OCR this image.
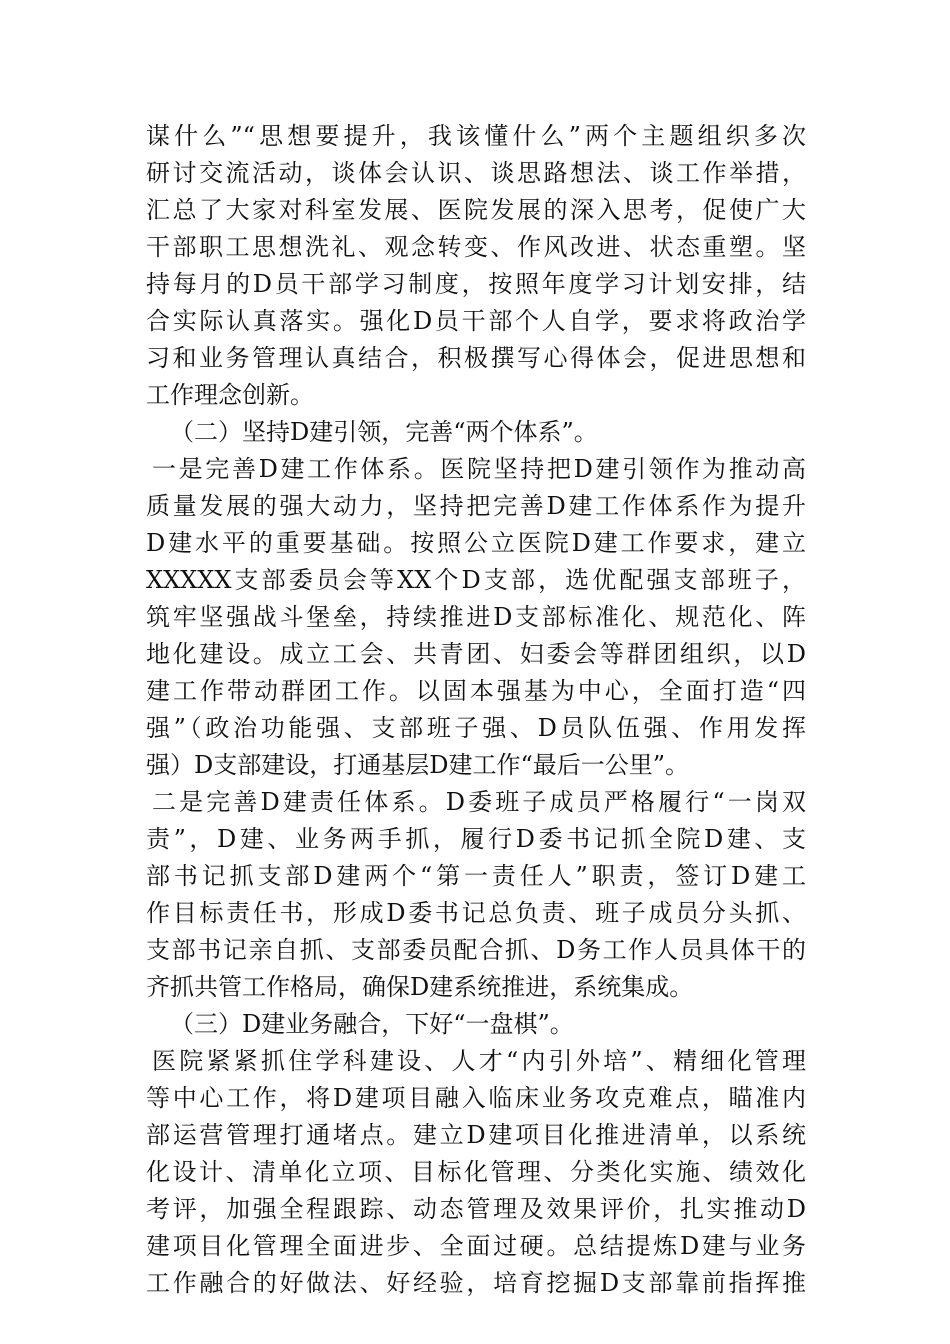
谋什么”“思想要提升，我该懂什么”两个主题组织多次
研讨交流活动，谈体会认识、谈思路想法、谈工作举措，
汇总了大家对科室发展、医院发展的深入思考，促使广大
干部职工思想洗礼、观念转变、作风改进、状态重塑。坚
持每月的D员干部学习制度，按照年度学习计划安排，结
合实际认真落实。强化D员干部个人自学，要求将政治学
习和业务管理认真结合，积极撰写心得体会，促进思想和
工作理念创新。
（二）坚持D建引领，完善“两个体系”。
一是完善D建工作体系。医院坚持把D建引领作为推动高
质量发展的强大动力，坚持把完善D建工作体系作为提升
D建水平的重要基础。按照公立医院D建工作要求，建立
XXXXX支部委员会等XX个D支部，选优配强支部班子，
筑牢坚强战斗堡垒，持续推进D支部标准化、规范化、阵
地化建设。成立工会、共青团、妇委会等群团组织，以D
建工作带动群团工作。以固本强基为中心，全面打造“四
强”（政治功能强、支部班子强、D员队伍强、作用发挥
强）D支部建设，打通基层D建工作“最后一公里”。
二是完善D建责任体系。D委班子成员严格履行“一岗双
责”，D建、业务两手抓，履行D委书记抓全院D建、支
部书记抓支部D建两个“第一责任人”职责，签订D建工
作目标责任书，形成D委书记总负责、班子成员分头抓、
支部书记亲自抓、支部委员配合抓、D务工作人员具体干的
齐抓共管工作格局，确保D建系统推进，系统集成。
（三）D建业务融合，下好“一盘棋”。
医院紧紧抓住学科建设、人才“内引外培”、精细化管理
等中心工作，将D建项目融入临床业务攻克难点，瞄准内
部运营管理打通堵点。建立D建项目化推进清单，以系统
化设计、清单化立项、目标化管理、分类化实施、绩效化
考评，加强全程跟踪、动态管理及效果评价，扎实推动D
建项目化管理全面进步、全面过硬。总结提炼D建与业务
工作融合的好做法、好经验，培育挖掘D支部靠前指挥推
